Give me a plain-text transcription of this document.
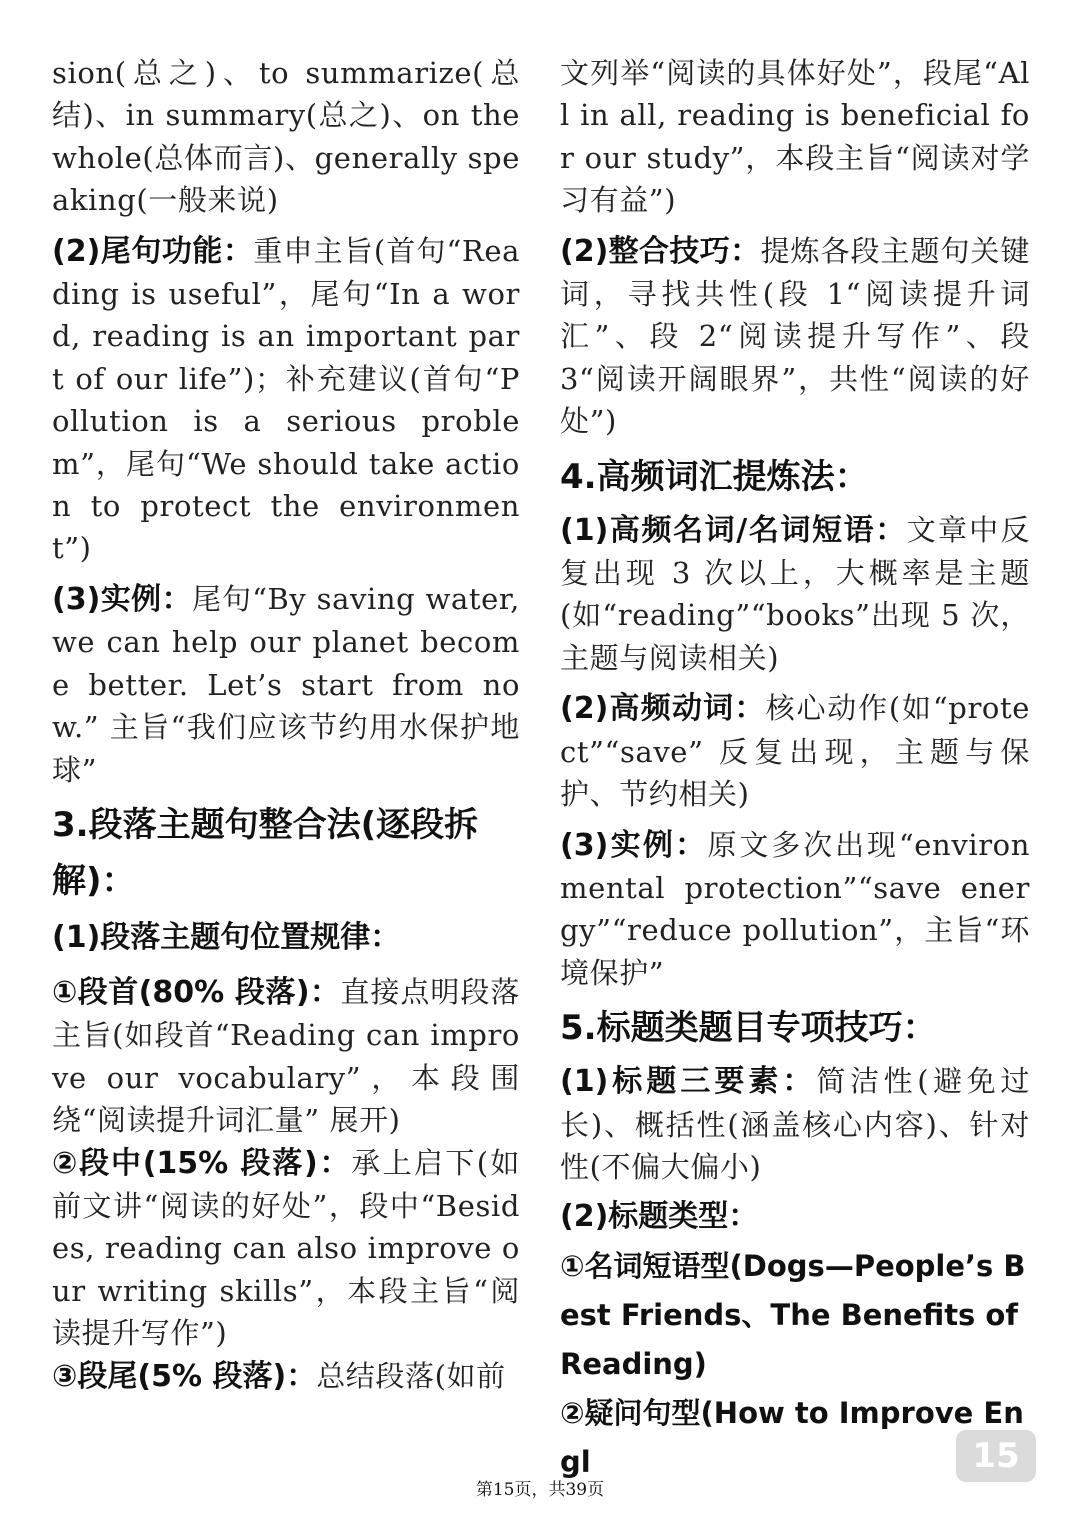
sion(总之)、to summarize(总结)、in summary(总之)、on the whole(总体而言)、generally speaking(一般来说)

(2)尾句功能：重申主旨(首句“Reading is useful”，尾句“In a word, reading is an important part of our life”)；补充建议(首句“Pollution is a serious problem”，尾句“We should take action to protect the environment”)

(3)实例：尾句“By saving water, we can help our planet become better. Let’s start from now.” 主旨“我们应该节约用水保护地球”

3.段落主题句整合法(逐段拆解)：
(1)段落主题句位置规律：

①段首(80% 段落)：直接点明段落主旨(如段首“Reading can improve our vocabulary”，本段围绕“阅读提升词汇量” 展开)

②段中(15% 段落)：承上启下(如前文讲“阅读的好处”，段中“Besides, reading can also improve our writing skills”，本段主旨“阅读提升写作”)

③段尾(5% 段落)：总结段落(如前

文列举“阅读的具体好处”，段尾“All in all, reading is beneficial for our study”，本段主旨“阅读对学习有益”)

(2)整合技巧：提炼各段主题句关键词，寻找共性(段 1“阅读提升词汇”、段 2“阅读提升写作”、段 3“阅读开阔眼界”，共性“阅读的好处”)

4.高频词汇提炼法：

(1)高频名词/名词短语：文章中反复出现 3 次以上，大概率是主题(如“reading”“books”出现 5 次，主题与阅读相关)

(2)高频动词：核心动作(如“protect”“save” 反复出现，主题与保护、节约相关)

(3)实例：原文多次出现“environmental protection”“save energy”“reduce pollution”，主旨“环境保护”

5.标题类题目专项技巧：

(1)标题三要素：简洁性(避免过长)、概括性(涵盖核心内容)、针对性(不偏大偏小)

(2)标题类型：

①名词短语型(Dogs—People’s Best Friends、The Benefits of Reading)

②疑问句型(How to Improve Engl	15
第15页，共39页
